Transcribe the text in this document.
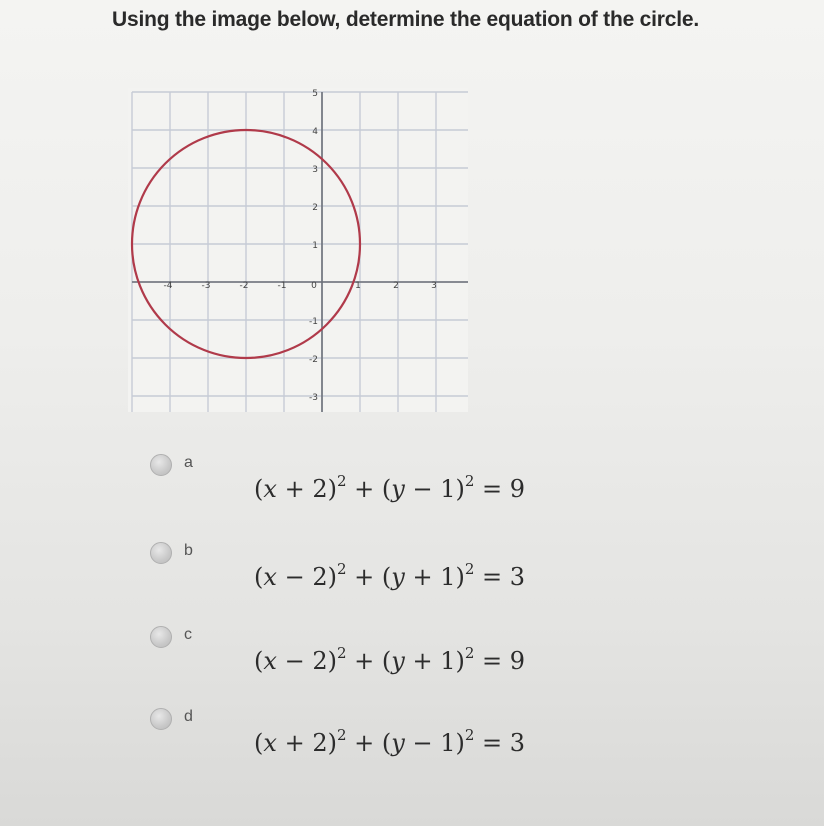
Using the image below, determine the equation of the circle.
-4	-3	-2	-1	0	1	2	3
5
4
3
2
1
-1
-2
-3
a
$(x + 2)^2 + (y - 1)^2 = 9$
b
$(x - 2)^2 + (y + 1)^2 = 3$
c
$(x - 2)^2 + (y + 1)^2 = 9$
d
$(x + 2)^2 + (y - 1)^2 = 3$
